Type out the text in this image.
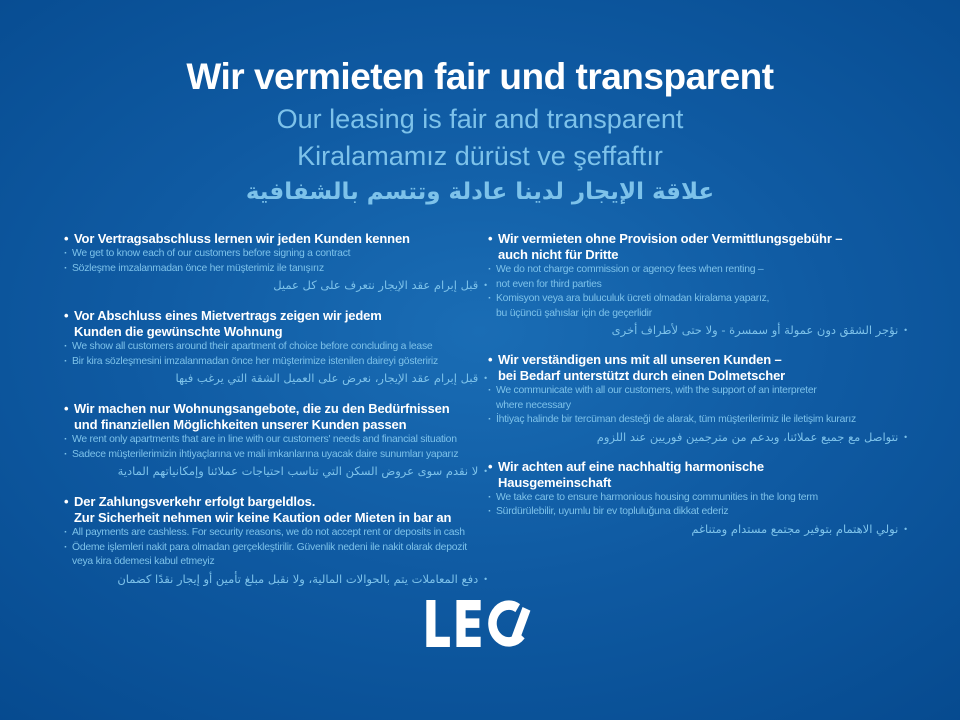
Wir vermieten fair und transparent
Our leasing is fair and transparent
Kiralamamız dürüst ve şeffaftır
علاقة الإيجار لدينا عادلة وتتسم بالشفافية
•Vor Vertragsabschluss lernen wir jeden Kunden kennen
·We get to know each of our customers before signing a contract
·Sözleşme imzalanmadan önce her müşterimiz ile tanışırız
•قبل إبرام عقد الإيجار نتعرف على كل عميل
•Vor Abschluss eines Mietvertrags zeigen wir jedem
Kunden die gewünschte Wohnung
·We show all customers around their apartment of choice before concluding a lease
·Bir kira sözleşmesini imzalanmadan önce her müşterimize istenilen daireyi gösteririz
•قبل إبرام عقد الإيجار، نعرض على العميل الشقة التي يرغب فيها
•Wir machen nur Wohnungsangebote, die zu den Bedürfnissen
und finanziellen Möglichkeiten unserer Kunden passen
·We rent only apartments that are in line with our customers' needs and financial situation
·Sadece müşterilerimizin ihtiyaçlarına ve mali imkanlarına uyacak daire sunumları yaparız
•لا نقدم سوى عروض السكن التي تناسب احتياجات عملائنا وإمكانياتهم المادية
•Der Zahlungsverkehr erfolgt bargeldlos.
Zur Sicherheit nehmen wir keine Kaution oder Mieten in bar an
·All payments are cashless. For security reasons, we do not accept rent or deposits in cash
·Ödeme işlemleri nakit para olmadan gerçekleştirilir. Güvenlik nedeni ile nakit olarak depozit
veya kira ödemesi kabul etmeyiz
•دفع المعاملات يتم بالحوالات المالية، ولا نقبل مبلغ تأمين أو إيجار نقدًا كضمان
•Wir vermieten ohne Provision oder Vermittlungsgebühr –
auch nicht für Dritte
·We do not charge commission or agency fees when renting –
not even for third parties
·Komisyon veya ara buluculuk ücreti olmadan kiralama yaparız,
bu üçüncü şahıslar için de geçerlidir
•نؤجر الشقق دون عمولة أو سمسرة - ولا حتى لأطراف أخرى
•Wir verständigen uns mit all unseren Kunden –
bei Bedarf unterstützt durch einen Dolmetscher
·We communicate with all our customers, with the support of an interpreter
where necessary
·İhtiyaç halinde bir tercüman desteği de alarak, tüm müşterilerimiz ile iletişim kurarız
•نتواصل مع جميع عملائنا، وبدعم من مترجمين فوريين عند اللزوم
•Wir achten auf eine nachhaltig harmonische
Hausgemeinschaft
·We take care to ensure harmonious housing communities in the long term
·Sürdürülebilir, uyumlu bir ev topluluğuna dikkat ederiz
•نولي الاهتمام بتوفير مجتمع مستدام ومتناغم
